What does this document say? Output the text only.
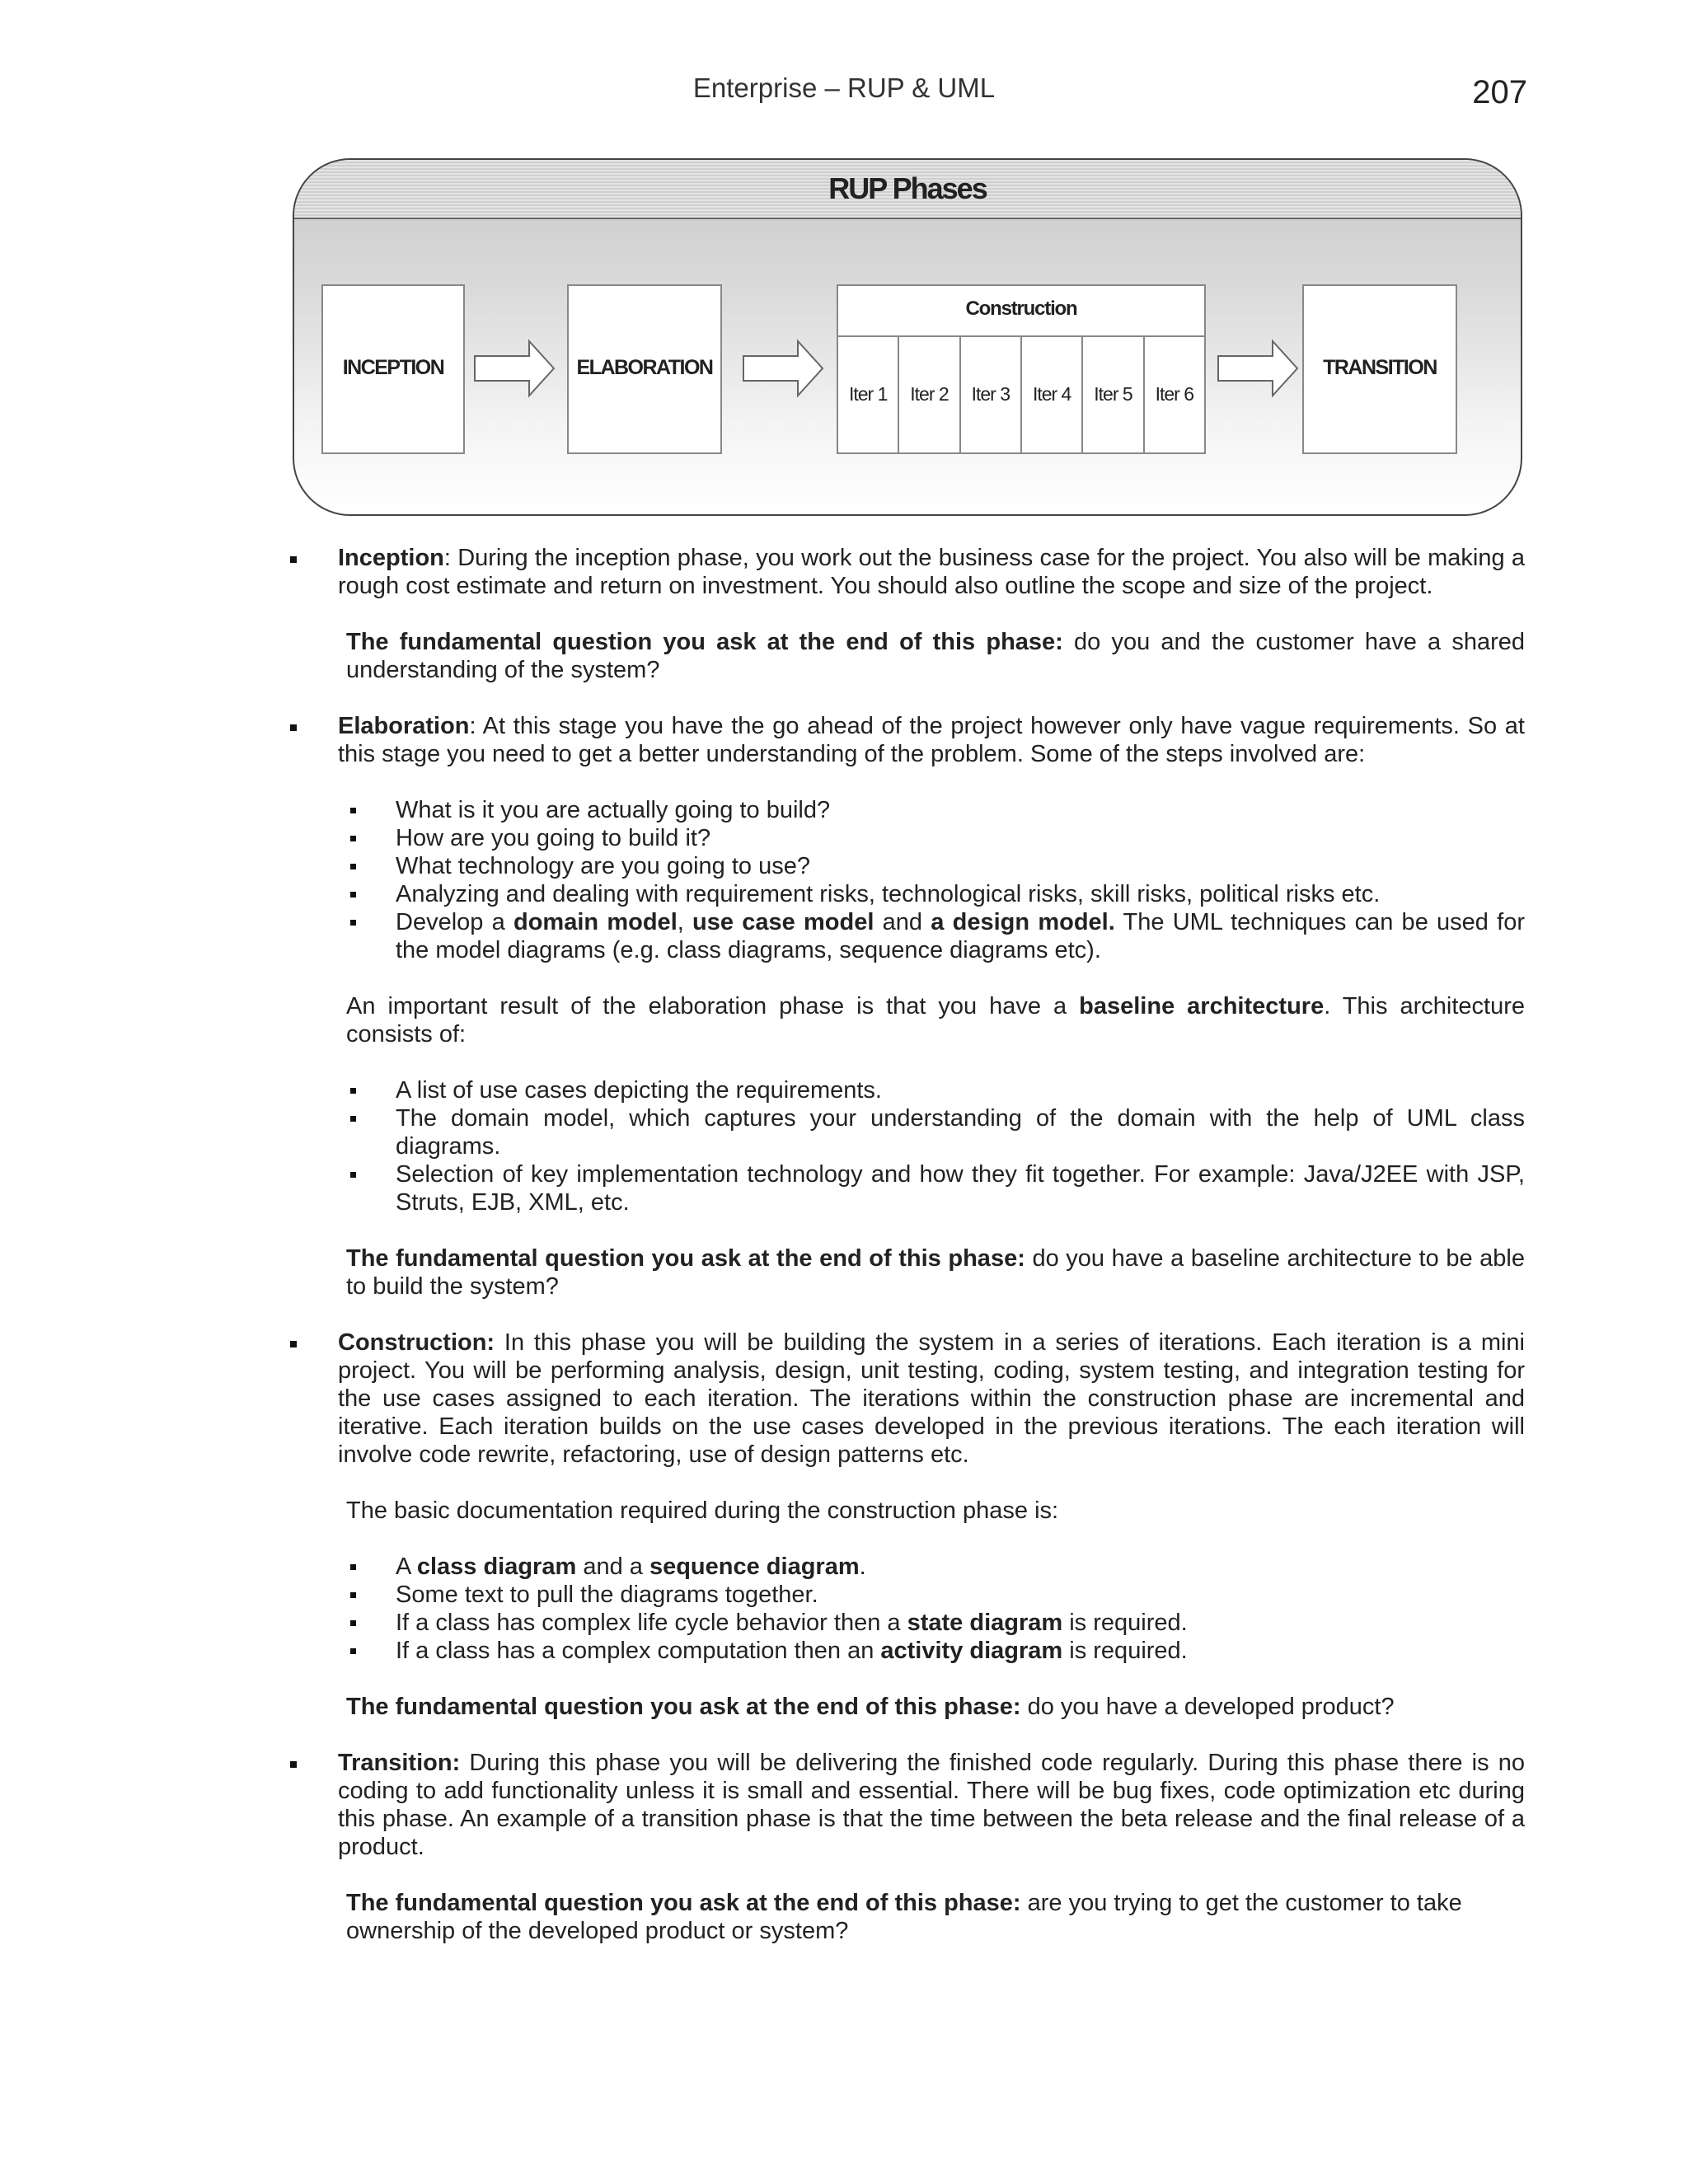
Enterprise – RUP & UML	207
RUP Phases
INCEPTION	ELABORATION
Construction
Iter 1	Iter 2	Iter 3	Iter 4	Iter 5	Iter 6
TRANSITION

Inception: During the inception phase, you work out the business case for the project. You also will be making a rough cost estimate and return on investment. You should also outline the scope and size of the project.

The fundamental question you ask at the end of this phase: do you and the customer have a shared understanding of the system?

Elaboration: At this stage you have the go ahead of the project however only have vague requirements. So at this stage you need to get a better understanding of the problem. Some of the steps involved are:

What is it you are actually going to build?
How are you going to build it?
What technology are you going to use?
Analyzing and dealing with requirement risks, technological risks, skill risks, political risks etc.
Develop a domain model, use case model and a design model. The UML techniques can be used for the model diagrams (e.g. class diagrams, sequence diagrams etc).

An important result of the elaboration phase is that you have a baseline architecture. This architecture consists of:

A list of use cases depicting the requirements.
The domain model, which captures your understanding of the domain with the help of UML class diagrams.
Selection of key implementation technology and how they fit together. For example: Java/J2EE with JSP, Struts, EJB, XML, etc.

The fundamental question you ask at the end of this phase: do you have a baseline architecture to be able to build the system?

Construction: In this phase you will be building the system in a series of iterations. Each iteration is a mini project. You will be performing analysis, design, unit testing, coding, system testing, and integration testing for the use cases assigned to each iteration. The iterations within the construction phase are incremental and iterative. Each iteration builds on the use cases developed in the previous iterations. The each iteration will involve code rewrite, refactoring, use of design patterns etc.

The basic documentation required during the construction phase is:

A class diagram and a sequence diagram.
Some text to pull the diagrams together.
If a class has complex life cycle behavior then a state diagram is required.
If a class has a complex computation then an activity diagram is required.

The fundamental question you ask at the end of this phase: do you have a developed product?

Transition: During this phase you will be delivering the finished code regularly. During this phase there is no coding to add functionality unless it is small and essential. There will be bug fixes, code optimization etc during this phase. An example of a transition phase is that the time between the beta release and the final release of a product.

The fundamental question you ask at the end of this phase: are you trying to get the customer to take ownership of the developed product or system?
